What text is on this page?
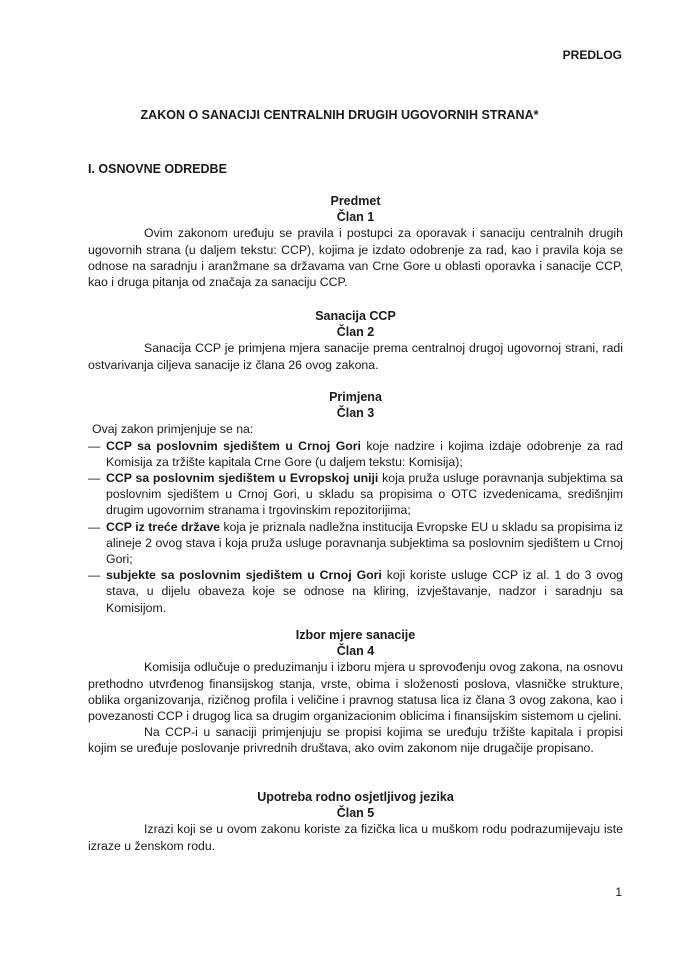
PREDLOG
ZAKON O SANACIJI CENTRALNIH DRUGIH UGOVORNIH STRANA*
I. OSNOVNE ODREDBE
Predmet
Član 1
Ovim zakonom uređuju se pravila i postupci za oporavak i sanaciju centralnih drugih ugovornih strana (u daljem tekstu: CCP), kojima je izdato odobrenje za rad, kao i pravila koja se odnose na saradnju i aranžmane sa državama van Crne Gore u oblasti oporavka i sanacije CCP, kao i druga pitanja od značaja za sanaciju CCP.
Sanacija CCP
Član 2
Sanacija CCP je primjena mjera sanacije prema centralnoj drugoj ugovornoj strani, radi ostvarivanja ciljeva sanacije iz člana 26 ovog zakona.
Primjena
Član 3
Ovaj zakon primjenjuje se na:
— CCP sa poslovnim sjedištem u Crnoj Gori koje nadzire i kojima izdaje odobrenje za rad Komisija za tržište kapitala Crne Gore (u daljem tekstu: Komisija);
— CCP sa poslovnim sjedištem u Evropskoj uniji koja pruža usluge poravnanja subjektima sa poslovnim sjedištem u Crnoj Gori, u skladu sa propisima o OTC izvedenicama, središnjim drugim ugovornim stranama i trgovinskim repozitorijima;
— CCP iz treće države koja je priznala nadležna institucija Evropske EU u skladu sa propisima iz alineje 2 ovog stava i koja pruža usluge poravnanja subjektima sa poslovnim sjedištem u Crnoj Gori;
— subjekte sa poslovnim sjedištem u Crnoj Gori koji koriste usluge CCP iz al. 1 do 3 ovog stava, u dijelu obaveza koje se odnose na kliring, izvještavanje, nadzor i saradnju sa Komisijom.
Izbor mjere sanacije
Član 4
Komisija odlučuje o preduzimanju i izboru mjera u sprovođenju ovog zakona, na osnovu prethodno utvrđenog finansijskog stanja, vrste, obima i složenosti poslova, vlasničke strukture, oblika organizovanja, rizičnog profila i veličine i pravnog statusa lica iz člana 3 ovog zakona, kao i povezanosti CCP i drugog lica sa drugim organizacionim oblicima i finansijskim sistemom u cjelini.
Na CCP-i u sanaciji primjenjuju se propisi kojima se uređuju tržište kapitala i propisi kojim se uređuje poslovanje privrednih društava, ako ovim zakonom nije drugačije propisano.
Upotreba rodno osjetljivog jezika
Član 5
Izrazi koji se u ovom zakonu koriste za fizička lica u muškom rodu podrazumijevaju iste izraze u ženskom rodu.
1
